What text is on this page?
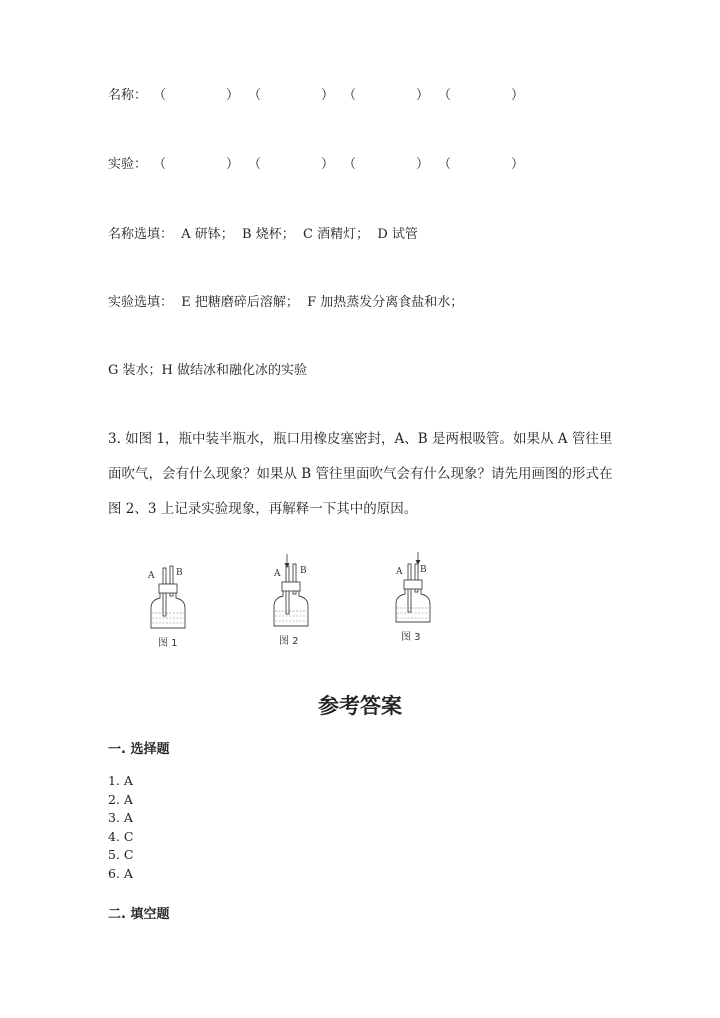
名称： （	） （	） （	） （	）
实验： （	） （	） （	） （	）
名称选填：  A 研钵；  B 烧杯；  C 酒精灯；  D 试管
实验选填：  E 把糖磨碎后溶解；  F 加热蒸发分离食盐和水；
G 装水；H 做结冰和融化冰的实验
3. 如图 1，瓶中装半瓶水，瓶口用橡皮塞密封，A、B 是两根吸管。如果从 A 管往里面吹气，会有什么现象？如果从 B 管往里面吹气会有什么现象？请先用画图的形式在图 2、3 上记录实验现象，再解释一下其中的原因。
A B
图 1
A B
图 2
A B
图 3
参考答案
一. 选择题
1. A
2. A
3. A
4. C
5. C
6. A
二. 填空题
